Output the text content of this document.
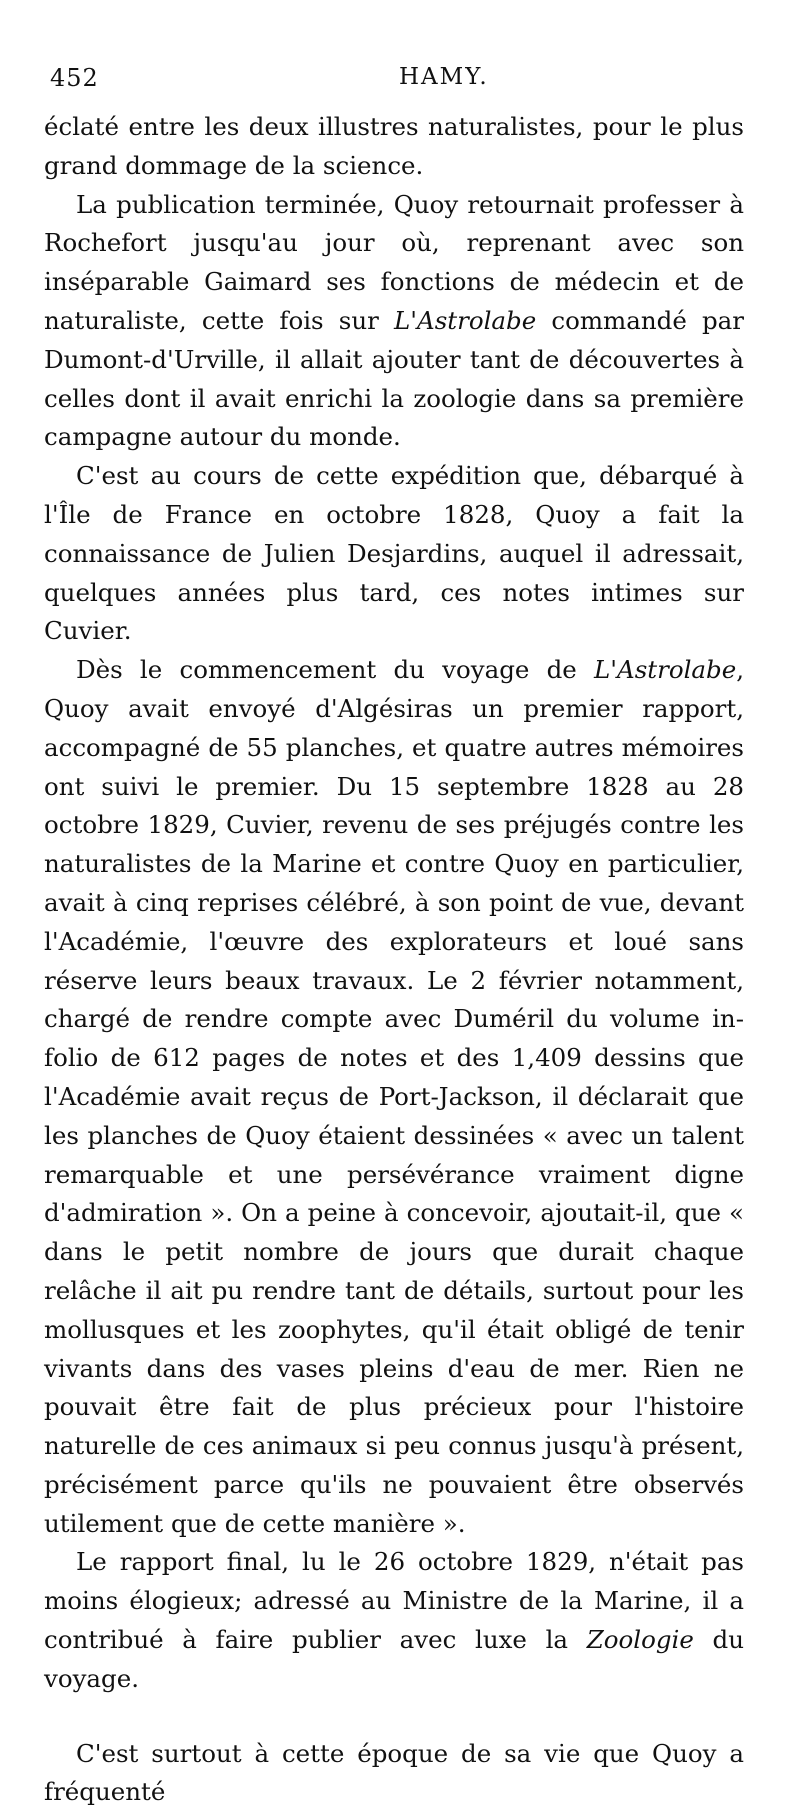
452	HAMY.

éclaté entre les deux illustres naturalistes, pour le plus grand dommage de la science.

La publication terminée, Quoy retournait professer à Rochefort jusqu'au jour où, reprenant avec son inséparable Gaimard ses fonctions de médecin et de naturaliste, cette fois sur L'Astrolabe commandé par Dumont-d'Urville, il allait ajouter tant de découvertes à celles dont il avait enrichi la zoologie dans sa première campagne autour du monde.

C'est au cours de cette expédition que, débarqué à l'Île de France en octobre 1828, Quoy a fait la connaissance de Julien Desjardins, auquel il adressait, quelques années plus tard, ces notes intimes sur Cuvier.

Dès le commencement du voyage de L'Astrolabe, Quoy avait envoyé d'Algésiras un premier rapport, accompagné de 55 planches, et quatre autres mémoires ont suivi le premier. Du 15 septembre 1828 au 28 octobre 1829, Cuvier, revenu de ses préjugés contre les naturalistes de la Marine et contre Quoy en particulier, avait à cinq reprises célébré, à son point de vue, devant l'Académie, l'œuvre des explorateurs et loué sans réserve leurs beaux travaux. Le 2 février notamment, chargé de rendre compte avec Duméril du volume in-folio de 612 pages de notes et des 1,409 dessins que l'Académie avait reçus de Port-Jackson, il déclarait que les planches de Quoy étaient dessinées « avec un talent remarquable et une persévérance vraiment digne d'admiration ». On a peine à concevoir, ajoutait-il, que « dans le petit nombre de jours que durait chaque relâche il ait pu rendre tant de détails, surtout pour les mollusques et les zoophytes, qu'il était obligé de tenir vivants dans des vases pleins d'eau de mer. Rien ne pouvait être fait de plus précieux pour l'histoire naturelle de ces animaux si peu connus jusqu'à présent, précisément parce qu'ils ne pouvaient être observés utilement que de cette manière ».

Le rapport final, lu le 26 octobre 1829, n'était pas moins élogieux; adressé au Ministre de la Marine, il a contribué à faire publier avec luxe la Zoologie du voyage.

C'est surtout à cette époque de sa vie que Quoy a fréquenté
